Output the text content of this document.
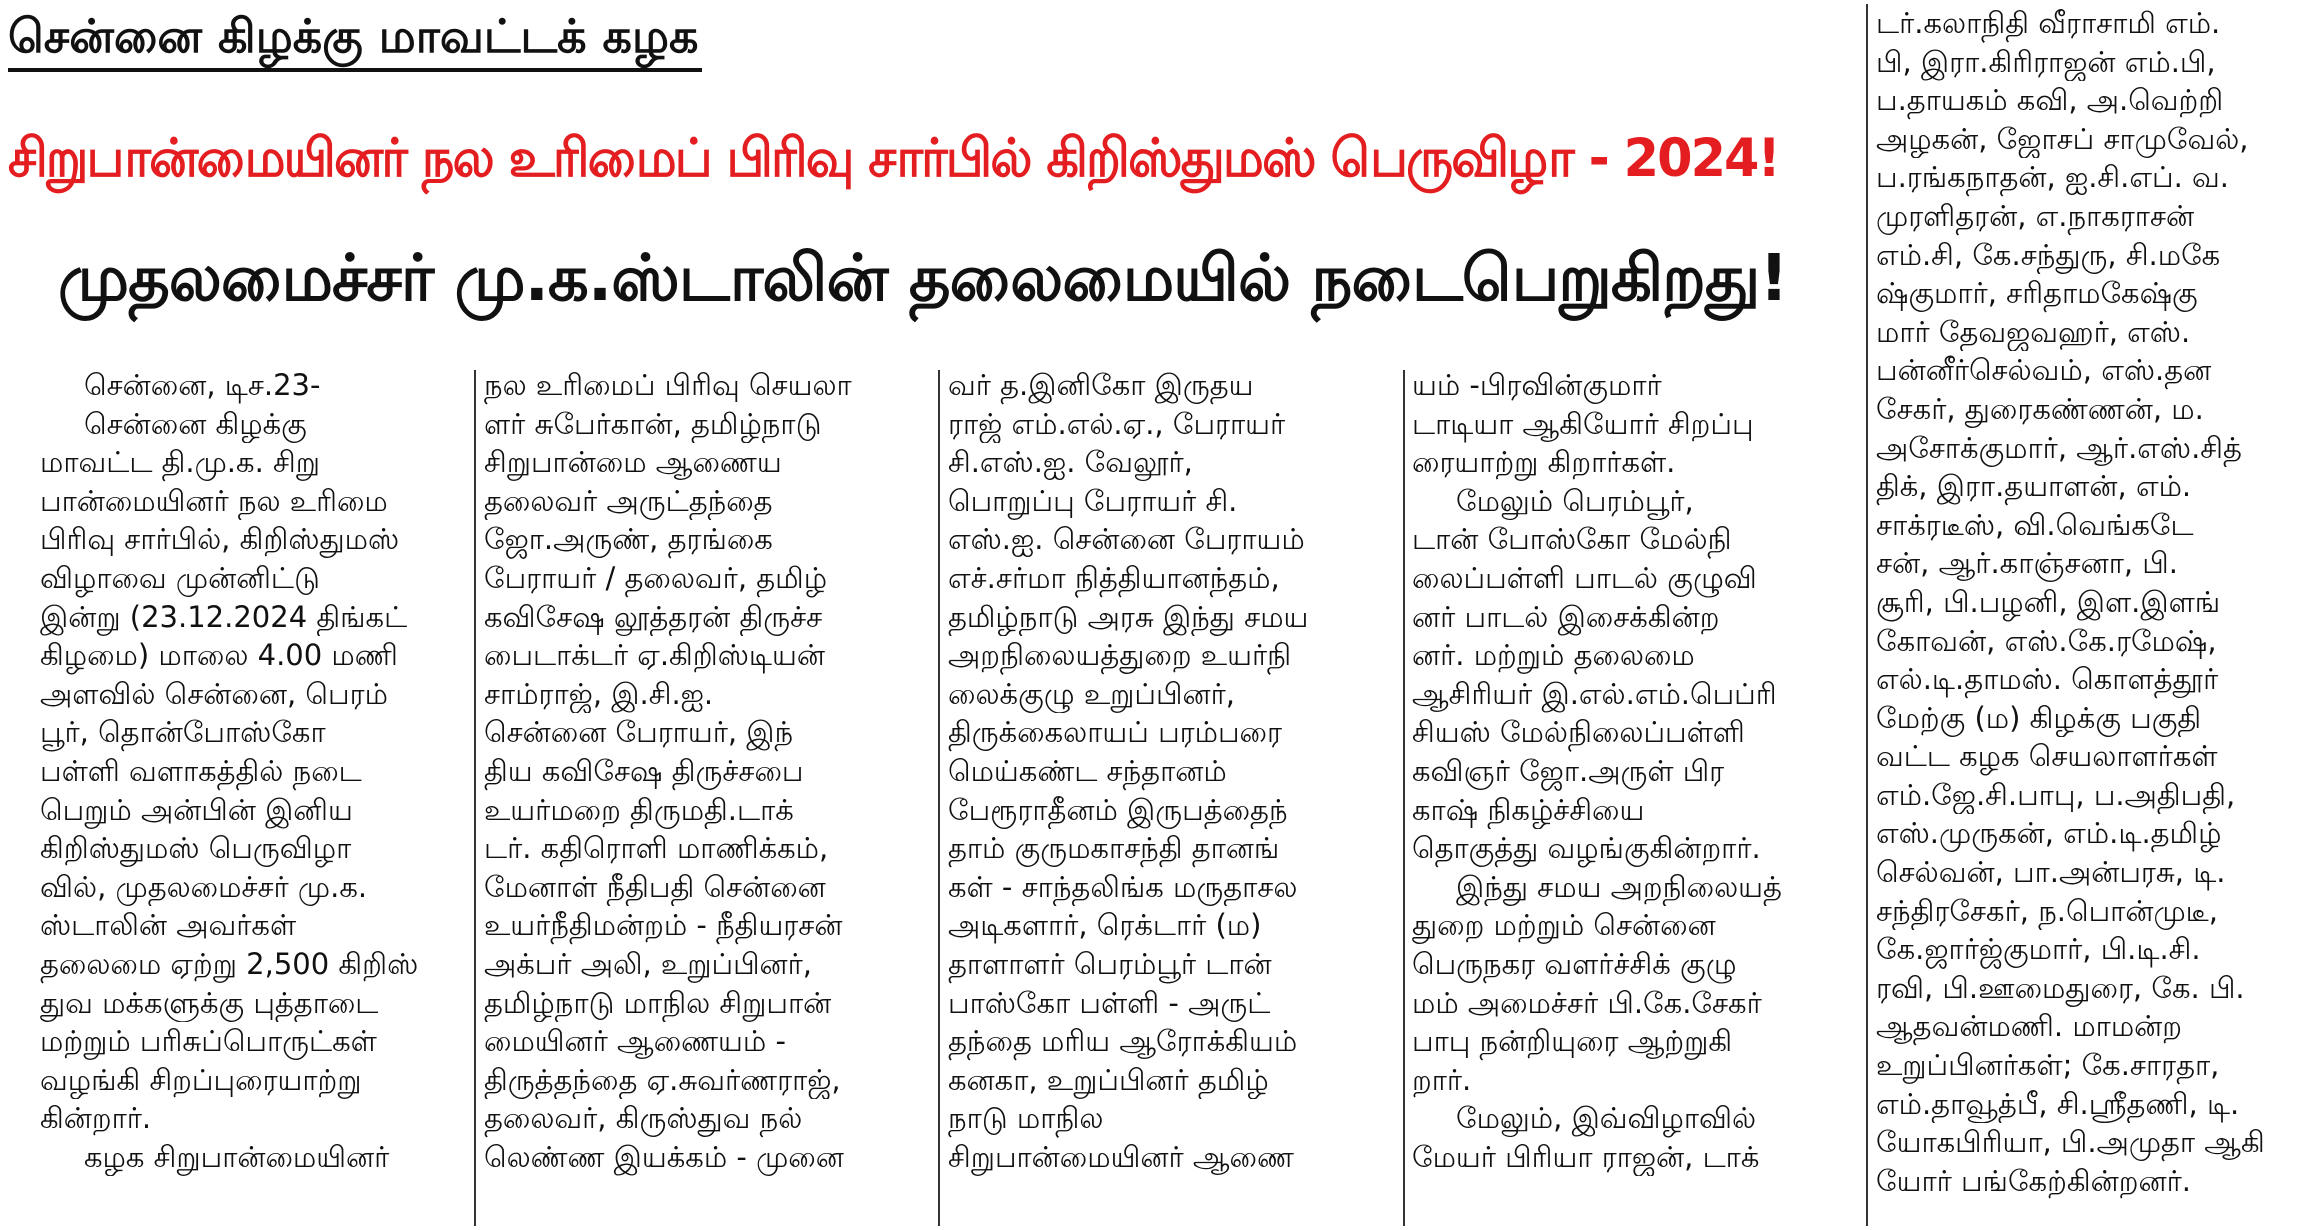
சென்னை கிழக்கு மாவட்டக் கழக
சிறுபான்மையினர் நல உரிமைப் பிரிவு சார்பில் கிறிஸ்துமஸ் பெருவிழா - 2024!
முதலமைச்சர் மு.க.ஸ்டாலின் தலைமையில் நடைபெறுகிறது!
சென்னை, டிச.23-
சென்னை கிழக்கு
மாவட்ட தி.மு.க. சிறு
பான்மையினர் நல உரிமை
பிரிவு சார்பில், கிறிஸ்துமஸ்
விழாவை முன்னிட்டு
இன்று (23.12.2024 திங்கட்
கிழமை) மாலை 4.00 மணி
அளவில் சென்னை, பெரம்
பூர், தொன்போஸ்கோ
பள்ளி வளாகத்தில் நடை
பெறும் அன்பின் இனிய
கிறிஸ்துமஸ் பெருவிழா
வில், முதலமைச்சர் மு.க.
ஸ்டாலின் அவர்கள்
தலைமை ஏற்று 2,500 கிறிஸ்
துவ மக்களுக்கு புத்தாடை
மற்றும் பரிசுப்பொருட்கள்
வழங்கி சிறப்புரையாற்று
கின்றார்.
கழக சிறுபான்மையினர்
நல உரிமைப் பிரிவு செயலா
ளர் சுபேர்கான், தமிழ்நாடு
சிறுபான்மை ஆணைய
தலைவர் அருட்தந்தை
ஜோ.அருண், தரங்கை
பேராயர் / தலைவர், தமிழ்
கவிசேஷ லூத்தரன் திருச்ச
பைடாக்டர் ஏ.கிறிஸ்டியன்
சாம்ராஜ், இ.சி.ஐ.
சென்னை பேராயர், இந்
திய கவிசேஷ திருச்சபை
உயர்மறை திருமதி.டாக்
டர். கதிரொளி மாணிக்கம்,
மேனாள் நீதிபதி சென்னை
உயர்நீதிமன்றம் - நீதியரசன்
அக்பர் அலி, உறுப்பினர்,
தமிழ்நாடு மாநில சிறுபான்
மையினர் ஆணையம் -
திருத்தந்தை ஏ.சுவர்ணராஜ்,
தலைவர், கிருஸ்துவ நல்
லெண்ண இயக்கம் - முனை
வர் த.இனிகோ இருதய
ராஜ் எம்.எல்.ஏ., பேராயர்
சி.எஸ்.ஐ. வேலூர்,
பொறுப்பு பேராயர் சி.
எஸ்.ஐ. சென்னை பேராயம்
எச்.சர்மா நித்தியானந்தம்,
தமிழ்நாடு அரசு இந்து சமய
அறநிலையத்துறை உயர்நி
லைக்குழு உறுப்பினர்,
திருக்கைலாயப் பரம்பரை
மெய்கண்ட சந்தானம்
பேரூராதீனம் இருபத்தைந்
தாம் குருமகாசந்தி தானங்
கள் - சாந்தலிங்க மருதாசல
அடிகளார், ரெக்டார் (ம)
தாளாளர் பெரம்பூர் டான்
பாஸ்கோ பள்ளி - அருட்
தந்தை மரிய ஆரோக்கியம்
கனகா, உறுப்பினர் தமிழ்
நாடு மாநில
சிறுபான்மையினர் ஆணை
யம் -பிரவின்குமார்
டாடியா ஆகியோர் சிறப்பு
ரையாற்று கிறார்கள்.
மேலும் பெரம்பூர்,
டான் போஸ்கோ மேல்நி
லைப்பள்ளி பாடல் குழுவி
னர் பாடல் இசைக்கின்ற
னர். மற்றும் தலைமை
ஆசிரியர் இ.எல்.எம்.பெப்ரி
சியஸ் மேல்நிலைப்பள்ளி
கவிஞர் ஜோ.அருள் பிர
காஷ் நிகழ்ச்சியை
தொகுத்து வழங்குகின்றார்.
இந்து சமய அறநிலையத்
துறை மற்றும் சென்னை
பெருநகர வளர்ச்சிக் குழு
மம் அமைச்சர் பி.கே.சேகர்
பாபு நன்றியுரை ஆற்றுகி
றார்.
மேலும், இவ்விழாவில்
மேயர் பிரியா ராஜன், டாக்
டர்.கலாநிதி வீராசாமி எம்.
பி, இரா.கிரிராஜன் எம்.பி,
ப.தாயகம் கவி, அ.வெற்றி
அழகன், ஜோசப் சாமுவேல்,
ப.ரங்கநாதன், ஐ.சி.எப். வ.
முரளிதரன், எ.நாகராசன்
எம்.சி, கே.சந்துரு, சி.மகே
ஷ்குமார், சரிதாமகேஷ்கு
மார் தேவஜவஹர், எஸ்.
பன்னீர்செல்வம், எஸ்.தன
சேகர், துரைகண்ணன், ம.
அசோக்குமார், ஆர்.எஸ்.சித்
திக், இரா.தயாளன், எம்.
சாக்ரடீஸ், வி.வெங்கடே
சன், ஆர்.காஞ்சனா, பி.
சூரி, பி.பழனி, இள.இளங்
கோவன், எஸ்.கே.ரமேஷ்,
எல்.டி.தாமஸ். கொளத்தூர்
மேற்கு (ம) கிழக்கு பகுதி
வட்ட கழக செயலாளர்கள்
எம்.ஜே.சி.பாபு, ப.அதிபதி,
எஸ்.முருகன், எம்.டி.தமிழ்
செல்வன், பா.அன்பரசு, டி.
சந்திரசேகர், ந.பொன்முடீ,
கே.ஜார்ஜ்குமார், பி.டி.சி.
ரவி, பி.ஊமைதுரை, கே. பி.
ஆதவன்மணி. மாமன்ற
உறுப்பினர்கள்; கே.சாரதா,
எம்.தாவூத்பீ, சி.ஸ்ரீதணி, டி.
யோகபிரியா, பி.அமுதா ஆகி
யோர் பங்கேற்கின்றனர்.
